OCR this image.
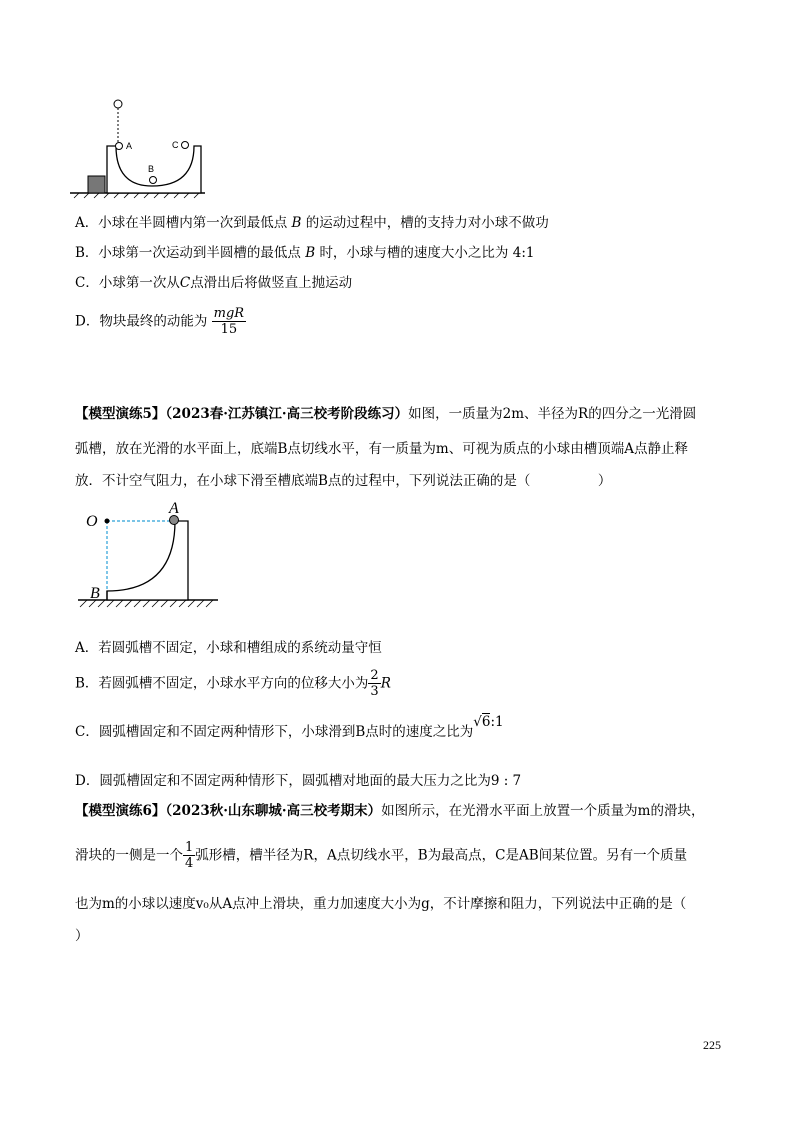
A	C
B
A．小球在半圆槽内第一次到最低点 B 的运动过程中，槽的支持力对小球不做功
B．小球第一次运动到半圆槽的最低点 B 时，小球与槽的速度大小之比为 4:1
C．小球第一次从C点滑出后将做竖直上抛运动
D．物块最终的动能为 $\frac{\text{mgR}}{15}$
【模型演练5】（2023春·江苏镇江·高三校考阶段练习）如图，一质量为2m、半径为R的四分之一光滑圆
弧槽，放在光滑的水平面上，底端B点切线水平，有一质量为m、可视为质点的小球由槽顶端A点静止释
放．不计空气阻力，在小球下滑至槽底端B点的过程中，下列说法正确的是（　　　　　）
O
A
B
A．若圆弧槽不固定，小球和槽组成的系统动量守恒
B．若圆弧槽不固定，小球水平方向的位移大小为 $\frac{2}{3}$ R
C．圆弧槽固定和不固定两种情形下，小球滑到B点时的速度之比为√6:1
D．圆弧槽固定和不固定两种情形下，圆弧槽对地面的最大压力之比为9 : 7
【模型演练6】（2023秋·山东聊城·高三校考期末）如图所示，在光滑水平面上放置一个质量为m的滑块，
滑块的一侧是一个 $\frac{1}{4}$ 弧形槽，槽半径为R，A点切线水平，B为最高点，C是AB间某位置。另有一个质量
也为m的小球以速度v₀从A点冲上滑块，重力加速度大小为g，不计摩擦和阻力，下列说法中正确的是（
）
225
